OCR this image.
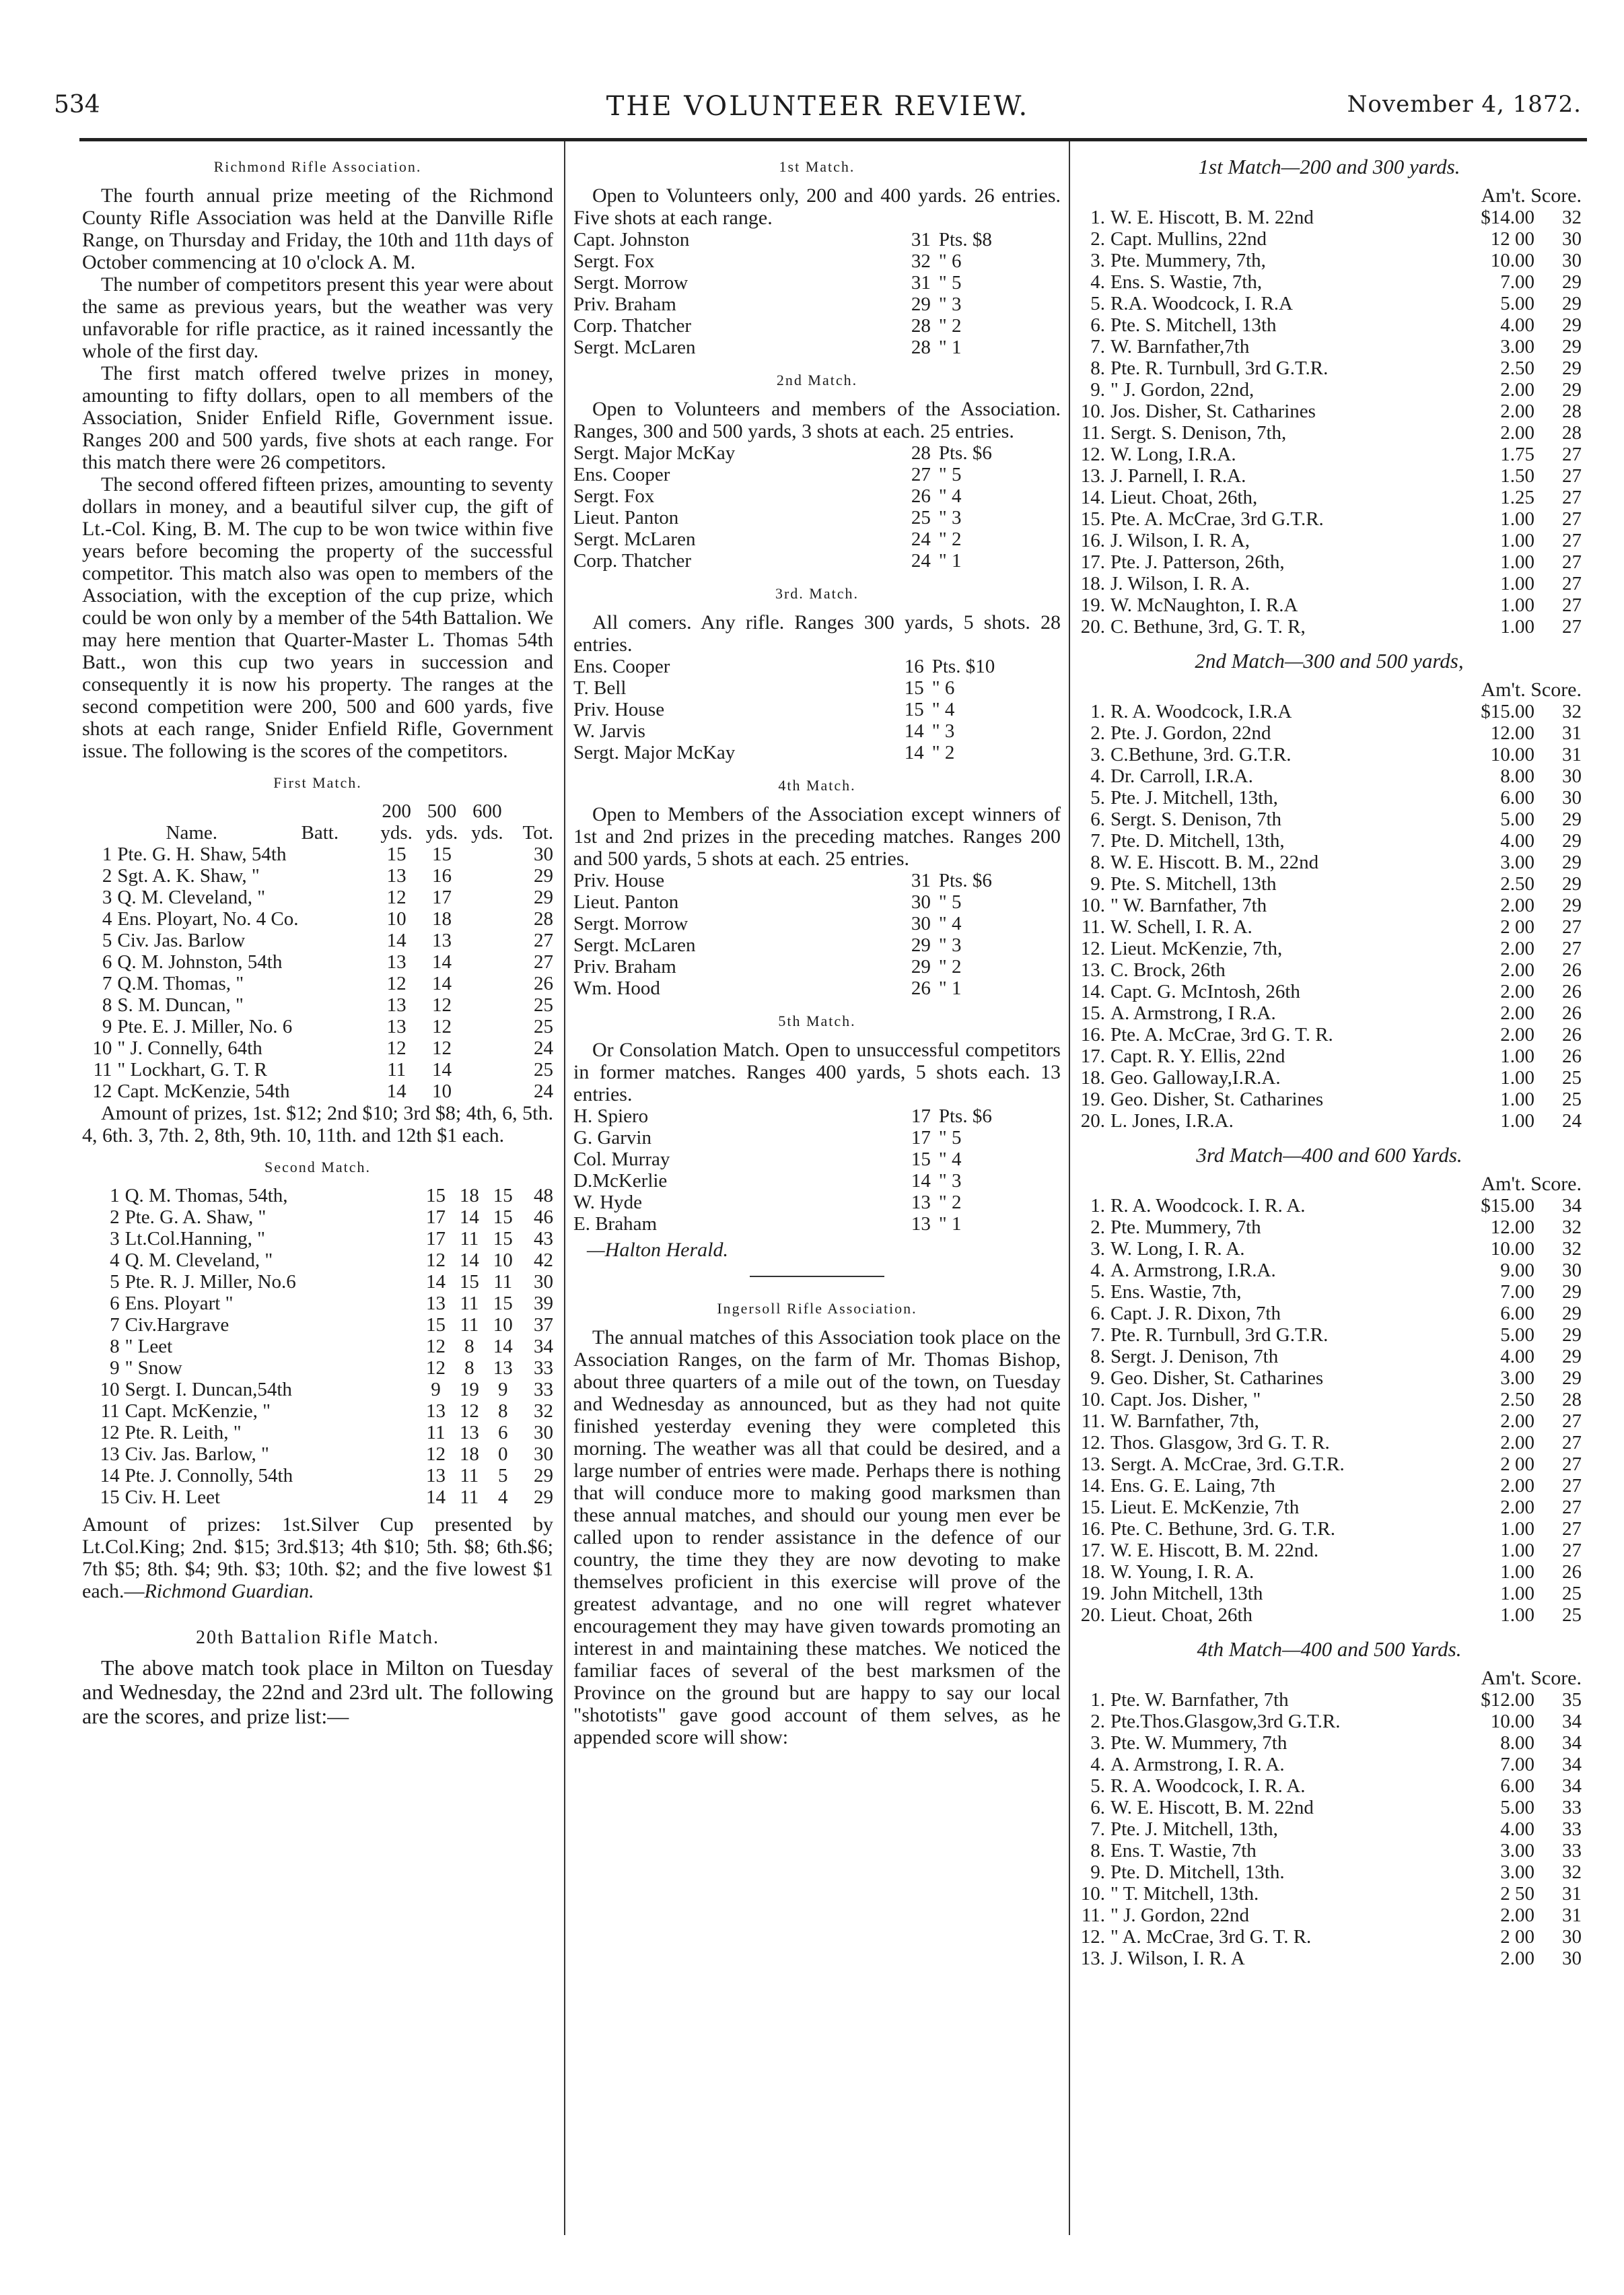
534	THE VOLUNTEER REVIEW.	November 4, 1872.
Richmond Rifle Association.

The fourth annual prize meeting of the Richmond County Rifle Association was held at the Danville Rifle Range, on Thursday and Friday, the 10th and 11th days of October commencing at 10 o'clock A. M.

The number of competitors present this year were about the same as previous years, but the weather was very unfavorable for rifle practice, as it rained incessantly the whole of the first day.

The first match offered twelve prizes in money, amounting to fifty dollars, open to all members of the Association, Snider Enfield Rifle, Government issue. Ranges 200 and 500 yards, five shots at each range. For this match there were 26 competitors.

The second offered fifteen prizes, amounting to seventy dollars in money, and a beautiful silver cup, the gift of Lt.-Col. King, B. M. The cup to be won twice within five years before becoming the property of the successful competitor. This match also was open to members of the Association, with the exception of the cup prize, which could be won only by a member of the 54th Battalion. We may here mention that Quarter-Master L. Thomas 54th Batt., won this cup two years in succession and consequently it is now his property. The ranges at the second competition were 200, 500 and 600 yards, five shots at each range, Snider Enfield Rifle, Government issue. The following is the scores of the competitors.

First Match.
			200	500	600	
	Name.	Batt.	yds.	yds.	yds.	Tot.
1	Pte. G. H. Shaw, 54th		15	15		30
2	Sgt. A. K. Shaw, "		13	16		29
3	Q. M. Cleveland, "		12	17		29
4	Ens. Ployart, No. 4 Co.		10	18		28
5	Civ. Jas. Barlow		14	13		27
6	Q. M. Johnston, 54th		13	14		27
7	Q.M. Thomas, "		12	14		26
8	S. M. Duncan, "		13	12		25
9	Pte. E. J. Miller, No. 6		13	12		25
10	" J. Connelly, 64th		12	12		24
11	" Lockhart, G. T. R		11	14		25
12	Capt. McKenzie, 54th		14	10		24

Amount of prizes, 1st. $12; 2nd $10; 3rd $8; 4th, 6, 5th. 4, 6th. 3, 7th. 2, 8th, 9th. 10, 11th. and 12th $1 each.

Second Match.
1	Q. M. Thomas, 54th,	15	18	15	48
2	Pte. G. A. Shaw, "	17	14	15	46
3	Lt.Col.Hanning, "	17	11	15	43
4	Q. M. Cleveland, "	12	14	10	42
5	Pte. R. J. Miller, No.6	14	15	11	30
6	Ens. Ployart "	13	11	15	39
7	Civ.Hargrave	15	11	10	37
8	" Leet	12	8	14	34
9	" Snow	12	8	13	33
10	Sergt. I. Duncan,54th	9	19	9	33
11	Capt. McKenzie, "	13	12	8	32
12	Pte. R. Leith, "	11	13	6	30
13	Civ. Jas. Barlow, "	12	18	0	30
14	Pte. J. Connolly, 54th	13	11	5	29
15	Civ. H. Leet	14	11	4	29

Amount of prizes: 1st.Silver Cup presented by Lt.Col.King; 2nd. $15; 3rd.$13; 4th $10; 5th. $8; 6th.$6; 7th $5; 8th. $4; 9th. $3; 10th. $2; and the five lowest $1 each.—Richmond Guardian.

20th Battalion Rifle Match.

The above match took place in Milton on Tuesday and Wednesday, the 22nd and 23rd ult. The following are the scores, and prize list:—

1st Match.

Open to Volunteers only, 200 and 400 yards. 26 entries. Five shots at each range.

Capt. Johnston	31	Pts. $8
Sergt. Fox	32	" 6
Sergt. Morrow	31	" 5
Priv. Braham	29	" 3
Corp. Thatcher	28	" 2
Sergt. McLaren	28	" 1
2nd Match.

Open to Volunteers and members of the Association. Ranges, 300 and 500 yards, 3 shots at each. 25 entries.

Sergt. Major McKay	28	Pts. $6
Ens. Cooper	27	" 5
Sergt. Fox	26	" 4
Lieut. Panton	25	" 3
Sergt. McLaren	24	" 2
Corp. Thatcher	24	" 1
3rd. Match.

All comers. Any rifle. Ranges 300 yards, 5 shots. 28 entries.

Ens. Cooper	16	Pts. $10
T. Bell	15	" 6
Priv. House	15	" 4
W. Jarvis	14	" 3
Sergt. Major McKay	14	" 2
4th Match.

Open to Members of the Association except winners of 1st and 2nd prizes in the preceding matches. Ranges 200 and 500 yards, 5 shots at each. 25 entries.

Priv. House	31	Pts. $6
Lieut. Panton	30	" 5
Sergt. Morrow	30	" 4
Sergt. McLaren	29	" 3
Priv. Braham	29	" 2
Wm. Hood	26	" 1
5th Match.

Or Consolation Match. Open to unsuccessful competitors in former matches. Ranges 400 yards, 5 shots each. 13 entries.

H. Spiero	17	Pts. $6
G. Garvin	17	" 5
Col. Murray	15	" 4
D.McKerlie	14	" 3
W. Hyde	13	" 2
E. Braham	13	" 1
—Halton Herald.
Ingersoll Rifle Association.

The annual matches of this Association took place on the Association Ranges, on the farm of Mr. Thomas Bishop, about three quarters of a mile out of the town, on Tuesday and Wednesday as announced, but as they had not quite finished yesterday evening they were completed this morning. The weather was all that could be desired, and a large number of entries were made. Perhaps there is nothing that will conduce more to making good marksmen than these annual matches, and should our young men ever be called upon to render assistance in the defence of our country, the time they they are now devoting to make themselves proficient in this exercise will prove of the greatest advantage, and no one will regret whatever encouragement they may have given towards promoting an interest in and maintaining these matches. We noticed the familiar faces of several of the best marksmen of the Province on the ground but are happy to say our local "shototists" gave good account of them selves, as he appended score will show:

1st Match—200 and 300 yards.
Am't. Score.
1.	W. E. Hiscott, B. M. 22nd	$14.00	32
2.	Capt. Mullins, 22nd	12 00	30
3.	Pte. Mummery, 7th,	10.00	30
4.	Ens. S. Wastie, 7th,	7.00	29
5.	R.A. Woodcock, I. R.A	5.00	29
6.	Pte. S. Mitchell, 13th	4.00	29
7.	W. Barnfather,7th	3.00	29
8.	Pte. R. Turnbull, 3rd G.T.R.	2.50	29
9.	" J. Gordon, 22nd,	2.00	29
10.	Jos. Disher, St. Catharines	2.00	28
11.	Sergt. S. Denison, 7th,	2.00	28
12.	W. Long, I.R.A.	1.75	27
13.	J. Parnell, I. R.A.	1.50	27
14.	Lieut. Choat, 26th,	1.25	27
15.	Pte. A. McCrae, 3rd G.T.R.	1.00	27
16.	J. Wilson, I. R. A,	1.00	27
17.	Pte. J. Patterson, 26th,	1.00	27
18.	J. Wilson, I. R. A.	1.00	27
19.	W. McNaughton, I. R.A	1.00	27
20.	C. Bethune, 3rd, G. T. R,	1.00	27
2nd Match—300 and 500 yards,
Am't. Score.
1.	R. A. Woodcock, I.R.A	$15.00	32
2.	Pte. J. Gordon, 22nd	12.00	31
3.	C.Bethune, 3rd. G.T.R.	10.00	31
4.	Dr. Carroll, I.R.A.	8.00	30
5.	Pte. J. Mitchell, 13th,	6.00	30
6.	Sergt. S. Denison, 7th	5.00	29
7.	Pte. D. Mitchell, 13th,	4.00	29
8.	W. E. Hiscott. B. M., 22nd	3.00	29
9.	Pte. S. Mitchell, 13th	2.50	29
10.	" W. Barnfather, 7th	2.00	29
11.	W. Schell, I. R. A.	2 00	27
12.	Lieut. McKenzie, 7th,	2.00	27
13.	C. Brock, 26th	2.00	26
14.	Capt. G. McIntosh, 26th	2.00	26
15.	A. Armstrong, I R.A.	2.00	26
16.	Pte. A. McCrae, 3rd G. T. R.	2.00	26
17.	Capt. R. Y. Ellis, 22nd	1.00	26
18.	Geo. Galloway,I.R.A.	1.00	25
19.	Geo. Disher, St. Catharines	1.00	25
20.	L. Jones, I.R.A.	1.00	24
3rd Match—400 and 600 Yards.
Am't. Score.
1.	R. A. Woodcock. I. R. A.	$15.00	34
2.	Pte. Mummery, 7th	12.00	32
3.	W. Long, I. R. A.	10.00	32
4.	A. Armstrong, I.R.A.	9.00	30
5.	Ens. Wastie, 7th,	7.00	29
6.	Capt. J. R. Dixon, 7th	6.00	29
7.	Pte. R. Turnbull, 3rd G.T.R.	5.00	29
8.	Sergt. J. Denison, 7th	4.00	29
9.	Geo. Disher, St. Catharines	3.00	29
10.	Capt. Jos. Disher, "	2.50	28
11.	W. Barnfather, 7th,	2.00	27
12.	Thos. Glasgow, 3rd G. T. R.	2.00	27
13.	Sergt. A. McCrae, 3rd. G.T.R.	2 00	27
14.	Ens. G. E. Laing, 7th	2.00	27
15.	Lieut. E. McKenzie, 7th	2.00	27
16.	Pte. C. Bethune, 3rd. G. T.R.	1.00	27
17.	W. E. Hiscott, B. M. 22nd.	1.00	27
18.	W. Young, I. R. A.	1.00	26
19.	John Mitchell, 13th	1.00	25
20.	Lieut. Choat, 26th	1.00	25
4th Match—400 and 500 Yards.
Am't. Score.
1.	Pte. W. Barnfather, 7th	$12.00	35
2.	Pte.Thos.Glasgow,3rd G.T.R.	10.00	34
3.	Pte. W. Mummery, 7th	8.00	34
4.	A. Armstrong, I. R. A.	7.00	34
5.	R. A. Woodcock, I. R. A.	6.00	34
6.	W. E. Hiscott, B. M. 22nd	5.00	33
7.	Pte. J. Mitchell, 13th,	4.00	33
8.	Ens. T. Wastie, 7th	3.00	33
9.	Pte. D. Mitchell, 13th.	3.00	32
10.	" T. Mitchell, 13th.	2 50	31
11.	" J. Gordon, 22nd	2.00	31
12.	" A. McCrae, 3rd G. T. R.	2 00	30
13.	J. Wilson, I. R. A	2.00	30
